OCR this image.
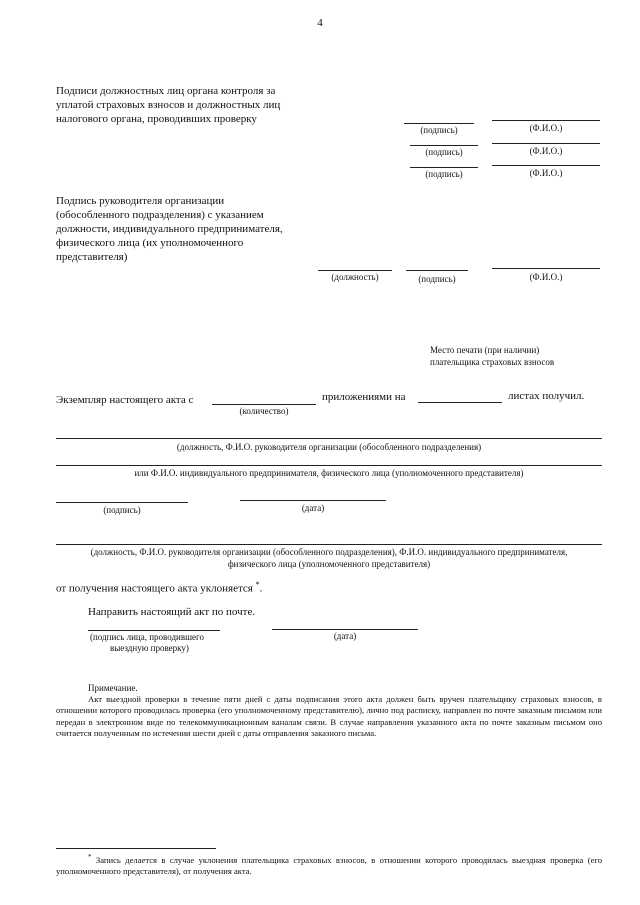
4
Подписи должностных лиц органа контроля за
уплатой страховых взносов и должностных лиц
налогового органа, проводивших проверку
(подпись)	(Ф.И.О.)
(подпись)	(Ф.И.О.)
(подпись)	(Ф.И.О.)
Подпись руководителя организации
(обособленного подразделения) с указанием
должности, индивидуального предпринимателя,
физического лица (их уполномоченного
представителя)
(должность)	(подпись)	(Ф.И.О.)
Место печати (при наличии)
плательщика страховых взносов
Экземпляр настоящего акта с
(количество)
приложениями на	листах получил.
(должность, Ф.И.О. руководителя организации (обособленного подразделения)
или Ф.И.О. индивидуального предпринимателя, физического лица (уполномоченного представителя)
(подпись)	(дата)
(должность, Ф.И.О. руководителя организации (обособленного подразделения), Ф.И.О. индивидуального предпринимателя,
физического лица (уполномоченного представителя)
от получения настоящего акта уклоняется *.
Направить настоящий акт по почте.
(подпись лица, проводившего
выездную проверку)
(дата)
Примечание.
Акт выездной проверки в течение пяти дней с даты подписания этого акта должен быть вручен плательщику страховых взносов, в отношении которого проводилась проверка (его уполномоченному представителю), лично под расписку, направлен по почте заказным письмом или передан в электронном виде по телекоммуникационным каналам связи. В случае направления указанного акта по почте заказным письмом оно считается полученным по истечении шести дней с даты отправления заказного письма.
* Запись делается в случае уклонения плательщика страховых взносов, в отношении которого проводилась выездная проверка (его уполномоченного представителя), от получения акта.
